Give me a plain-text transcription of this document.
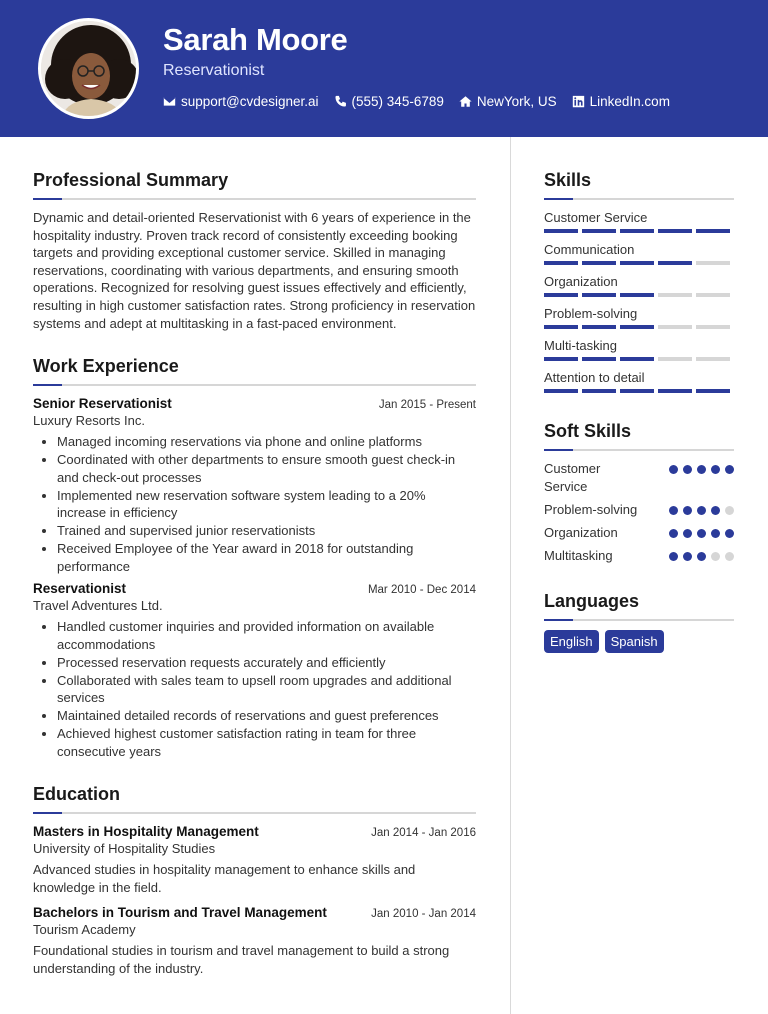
Sarah Moore
Reservationist
support@cvdesigner.ai (555) 345-6789 NewYork, US LinkedIn.com
Professional Summary

Dynamic and detail-oriented Reservationist with 6 years of experience in the hospitality industry. Proven track record of consistently exceeding booking targets and providing exceptional customer service. Skilled in managing reservations, coordinating with various departments, and ensuring smooth operations. Recognized for resolving guest issues effectively and efficiently, resulting in high customer satisfaction rates. Strong proficiency in reservation systems and adept at multitasking in a fast-paced environment.

Work Experience
Senior Reservationist	Jan 2015 - Present
Luxury Resorts Inc.
• Managed incoming reservations via phone and online platforms
• Coordinated with other departments to ensure smooth guest check-in and check-out processes
• Implemented new reservation software system leading to a 20% increase in efficiency
• Trained and supervised junior reservationists
• Received Employee of the Year award in 2018 for outstanding performance
Reservationist	Mar 2010 - Dec 2014
Travel Adventures Ltd.
• Handled customer inquiries and provided information on available accommodations
• Processed reservation requests accurately and efficiently
• Collaborated with sales team to upsell room upgrades and additional services
• Maintained detailed records of reservations and guest preferences
• Achieved highest customer satisfaction rating in team for three consecutive years
Education
Masters in Hospitality Management	Jan 2014 - Jan 2016
University of Hospitality Studies

Advanced studies in hospitality management to enhance skills and knowledge in the field.

Bachelors in Tourism and Travel Management	Jan 2010 - Jan 2014
Tourism Academy

Foundational studies in tourism and travel management to build a strong understanding of the industry.

Skills
Customer Service
Communication
Organization
Problem-solving
Multi-tasking
Attention to detail
Soft Skills
Customer Service
Problem-solving
Organization
Multitasking
Languages
English	Spanish
